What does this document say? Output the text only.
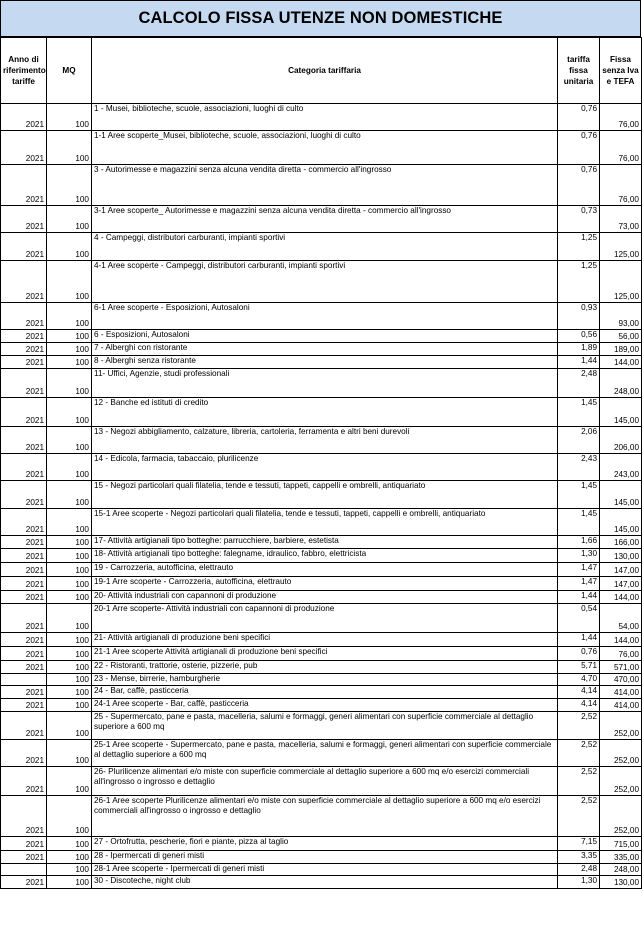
CALCOLO FISSA UTENZE NON DOMESTICHE
Anno di riferimento tariffe	MQ	Categoria tariffaria	tariffa fissa unitaria	Fissa senza Iva e TEFA
2021	100	1 - Musei, biblioteche, scuole, associazioni, luoghi di culto	0,76	76,00
2021	100	1-1 Aree scoperte_Musei, biblioteche, scuole, associazioni, luoghi di culto	0,76	76,00
2021	100	3 - Autorimesse e magazzini senza alcuna vendita diretta - commercio all'ingrosso	0,76	76,00
2021	100	3-1 Aree scoperte_ Autorimesse e magazzini senza alcuna vendita diretta - commercio all'ingrosso	0,73	73,00
2021	100	4 - Campeggi, distributori carburanti, impianti sportivi	1,25	125,00
2021	100	4-1 Aree scoperte - Campeggi, distributori carburanti, impianti sportivi	1,25	125,00
2021	100	6-1 Aree scoperte - Esposizioni, Autosaloni	0,93	93,00
2021	100	6 - Esposizioni, Autosaloni	0,56	56,00
2021	100	7 - Alberghi con ristorante	1,89	189,00
2021	100	8 - Alberghi senza ristorante	1,44	144,00
2021	100	11- Uffici, Agenzie, studi professionali	2,48	248,00
2021	100	12 - Banche ed istituti di credito	1,45	145,00
2021	100	13 - Negozi abbigliamento, calzature, libreria, cartoleria, ferramenta e altri beni durevoli	2,06	206,00
2021	100	14 - Edicola, farmacia, tabaccaio, plurilicenze	2,43	243,00
2021	100	15 - Negozi particolari quali filatelia, tende e tessuti, tappeti, cappelli e ombrelli, antiquariato	1,45	145,00
2021	100	15-1 Aree scoperte - Negozi particolari quali filatelia, tende e tessuti, tappeti, cappelli e ombrelli, antiquariato	1,45	145,00
2021	100	17- Attività artigianali tipo botteghe: parrucchiere, barbiere, estetista	1,66	166,00
2021	100	18- Attività artigianali tipo botteghe: falegname, idraulico, fabbro, elettricista	1,30	130,00
2021	100	19 - Carrozzeria, autofficina, elettrauto	1,47	147,00
2021	100	19-1 Arre scoperte - Carrozzeria, autofficina, elettrauto	1,47	147,00
2021	100	20- Attività industriali con capannoni di produzione	1,44	144,00
2021	100	20-1 Arre scoperte- Attività industriali con capannoni di produzione	0,54	54,00
2021	100	21- Attività artigianali di produzione beni specifici	1,44	144,00
2021	100	21-1 Aree scoperte Attività artigianali di produzione beni specifici	0,76	76,00
2021	100	22 - Ristoranti, trattorie, osterie, pizzerie, pub	5,71	571,00
	100	23 - Mense, birrerie, hamburgherie	4,70	470,00
2021	100	24 - Bar, caffè, pasticceria	4,14	414,00
2021	100	24-1 Aree scoperte - Bar, caffè, pasticceria	4,14	414,00
2021	100	25 - Supermercato, pane e pasta, macelleria, salumi e formaggi, generi alimentari con superficie commerciale al dettaglio superiore a 600 mq	2,52	252,00
2021	100	25-1 Aree scoperte - Supermercato, pane e pasta, macelleria, salumi e formaggi, generi alimentari con superficie commerciale al dettaglio superiore a 600 mq	2,52	252,00
2021	100	26- Plurilicenze alimentari e/o miste con superficie commerciale al dettaglio superiore a 600 mq e/o esercizi commerciali all'ingrosso o ingrosso e dettaglio	2,52	252,00
2021	100	26-1 Aree scoperte Plurilicenze alimentari e/o miste con superficie commerciale al dettaglio superiore a 600 mq e/o esercizi commerciali all'ingrosso o ingrosso e dettaglio	2,52	252,00
2021	100	27 - Ortofrutta, pescherie, fiori e piante, pizza al taglio	7,15	715,00
2021	100	28 - Ipermercati di generi misti	3,35	335,00
	100	28-1 Aree scoperte - Ipermercati di generi misti	2,48	248,00
2021	100	30 - Discoteche, night club	1,30	130,00
